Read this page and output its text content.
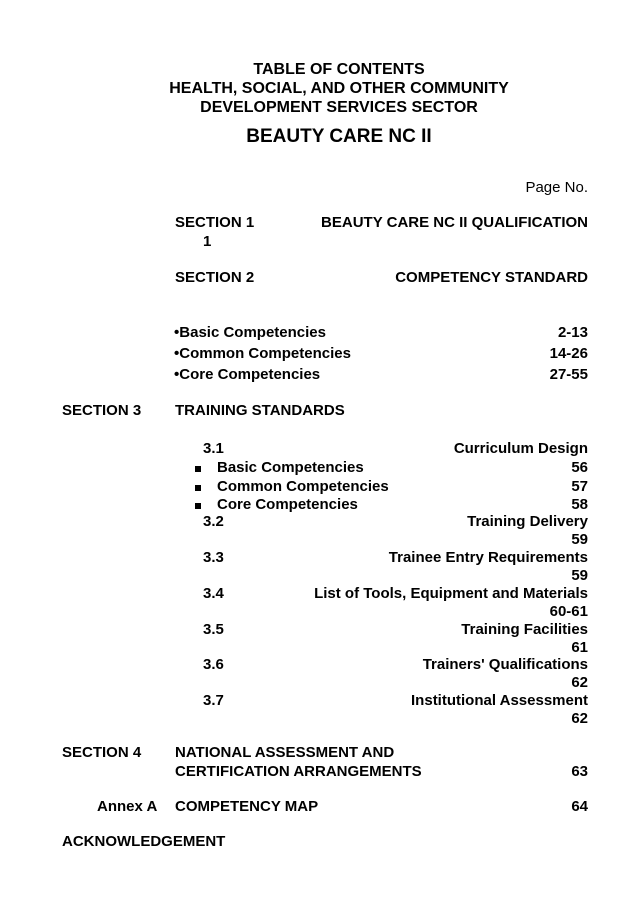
TABLE OF CONTENTS
HEALTH, SOCIAL, AND OTHER COMMUNITY
DEVELOPMENT SERVICES SECTOR
BEAUTY CARE NC II
Page No.
SECTION 1	BEAUTY CARE NC II QUALIFICATION
1
SECTION 2	COMPETENCY STANDARD
•Basic Competencies	2-13
•Common Competencies	14-26
•Core Competencies	27-55
SECTION 3 TRAINING STANDARDS
3.1	Curriculum Design
Basic Competencies	56
Common Competencies	57
Core Competencies	58
3.2	Training Delivery
59
3.3	Trainee Entry Requirements
59
3.4	List of Tools, Equipment and Materials
60-61
3.5	Training Facilities
61
3.6	Trainers' Qualifications
62
3.7	Institutional Assessment
62
SECTION 4 NATIONAL ASSESSMENT AND
CERTIFICATION ARRANGEMENTS	63
Annex A COMPETENCY MAP	64
ACKNOWLEDGEMENT
